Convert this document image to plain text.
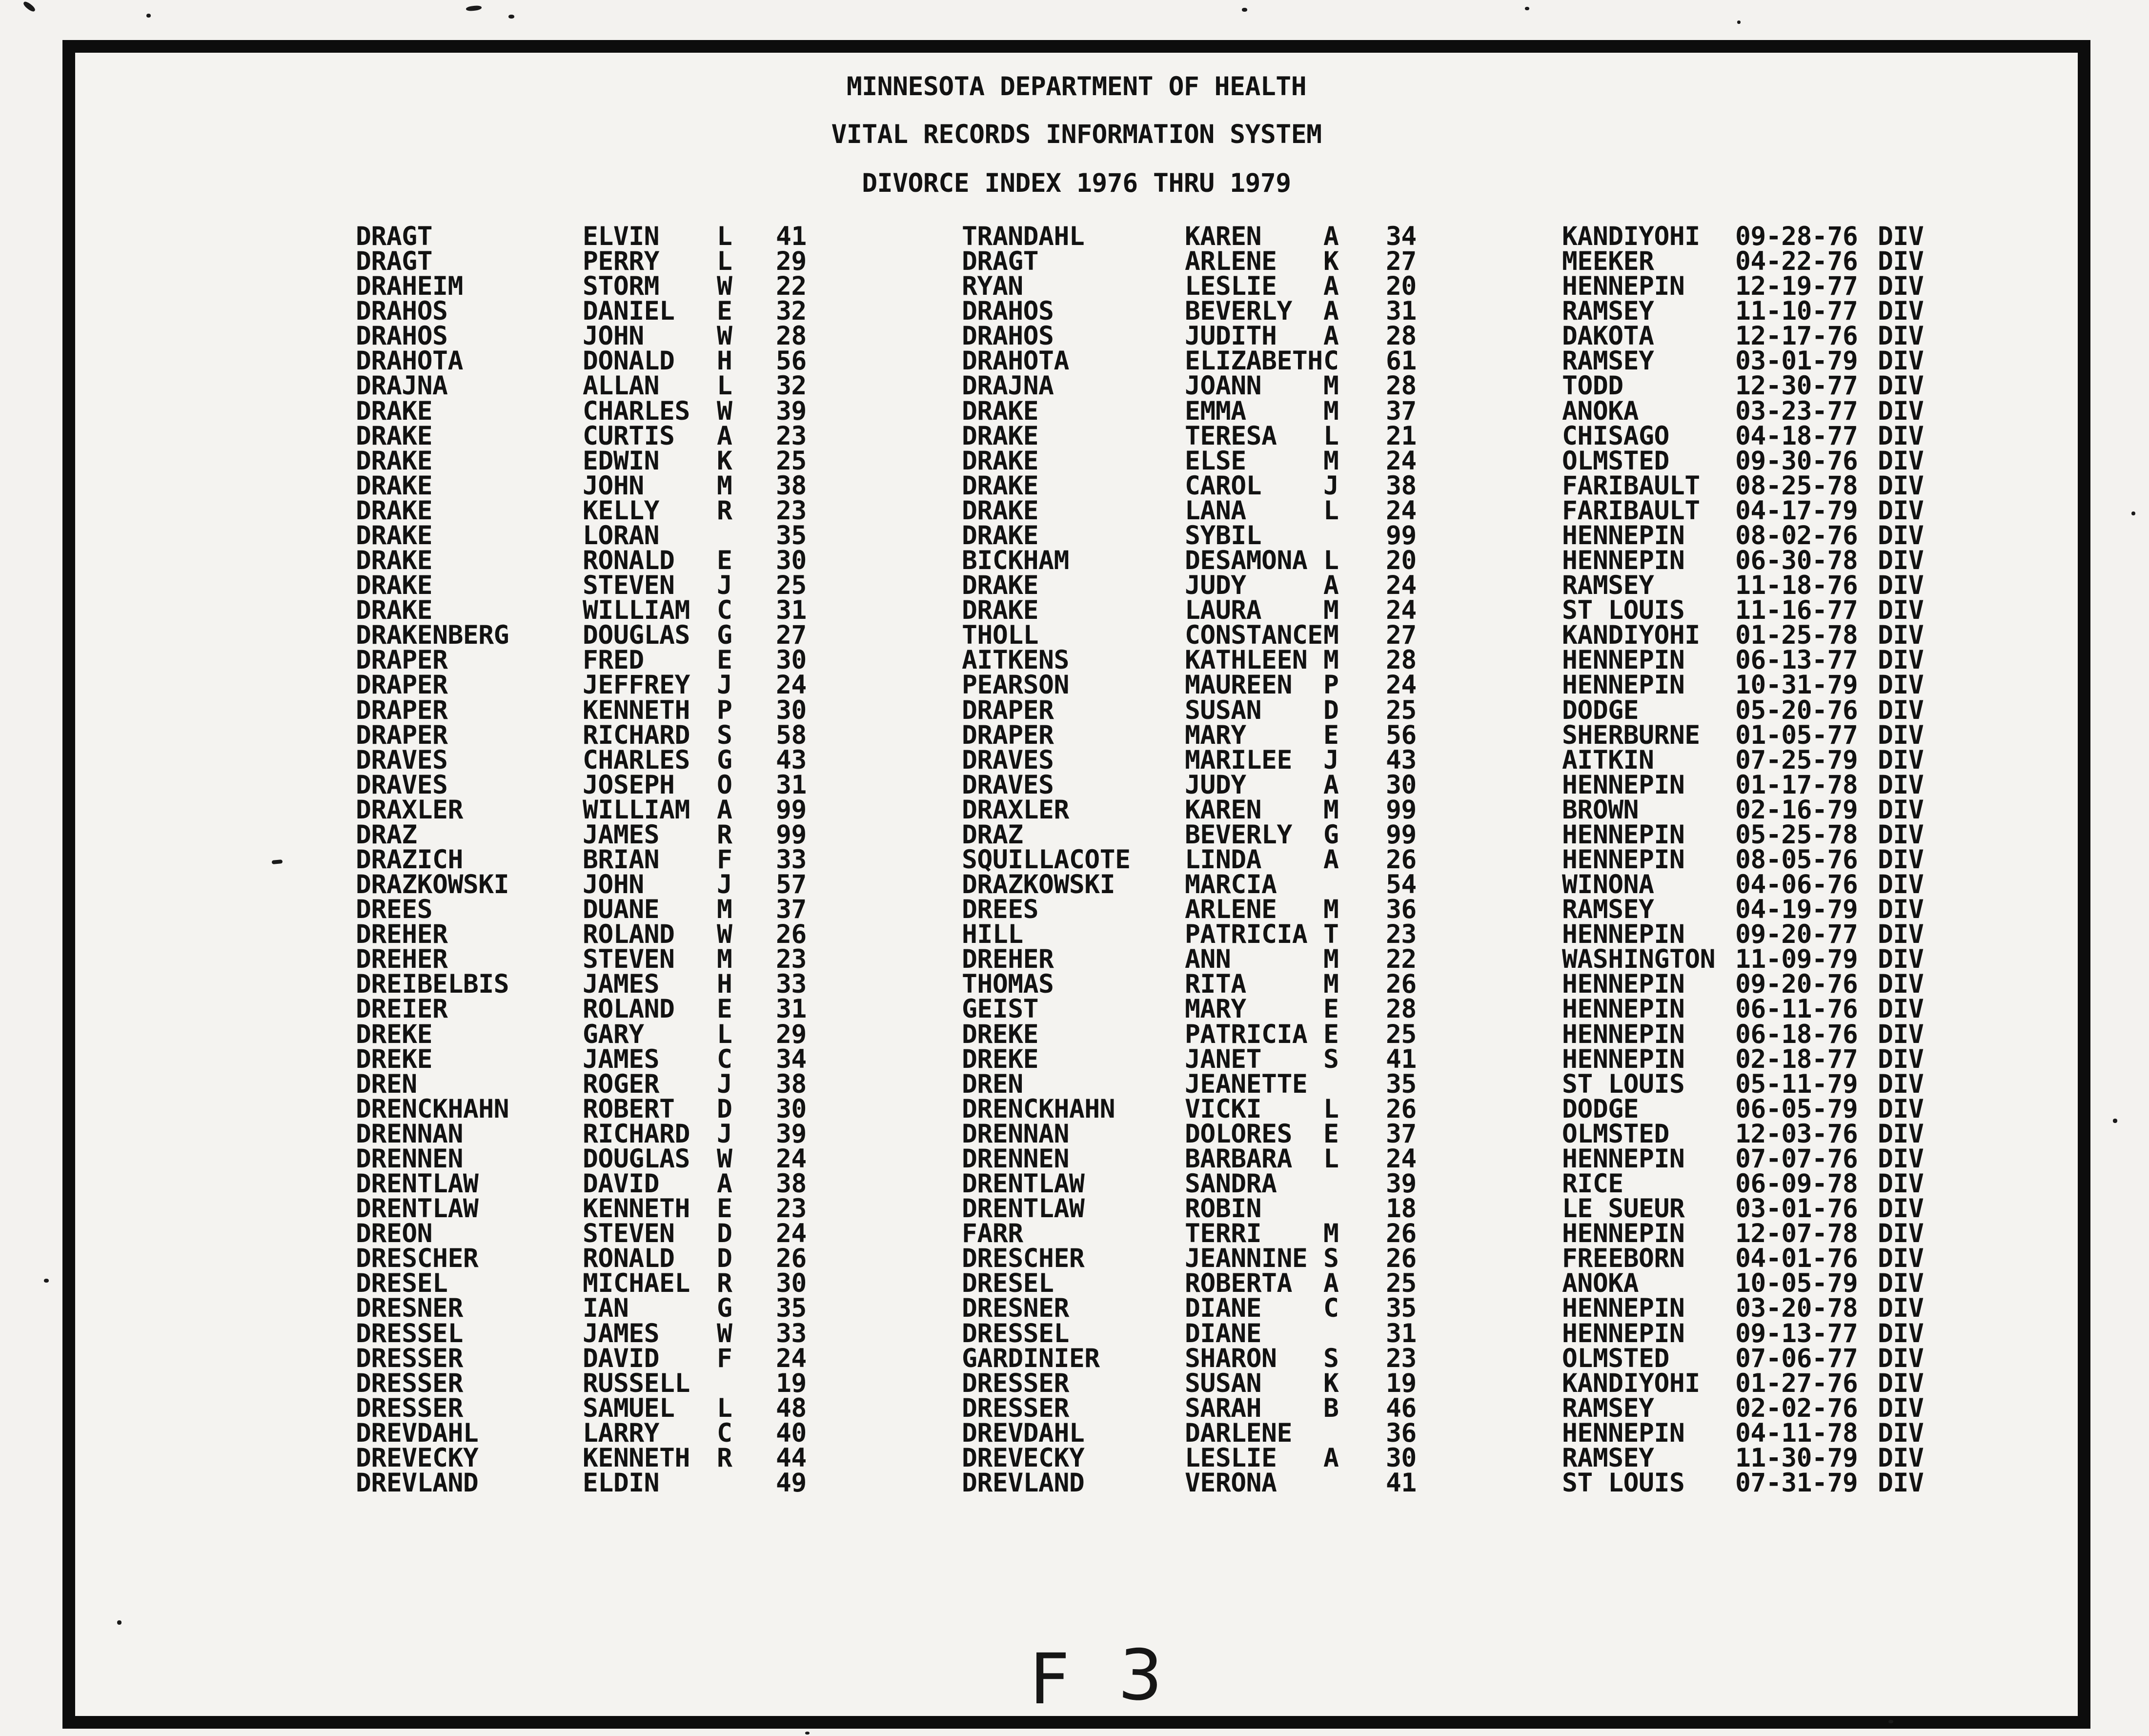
MINNESOTA DEPARTMENT OF HEALTH
VITAL RECORDS INFORMATION SYSTEM
DIVORCE INDEX 1976 THRU 1979
DRAGT	ELVIN L 41	TRANDAHL	KAREN A 34	KANDIYOHI 09-28-76 DIV
DRAGT	PERRY L 29	DRAGT	ARLENE K 27	MEEKER	04-22-76 DIV
DRAHEIM	STORM W 22	RYAN	LESLIE A 20	HENNEPIN 12-19-77 DIV
DRAHOS	DANIEL E 32	DRAHOS	BEVERLY A 31	RAMSEY	11-10-77 DIV
DRAHOS	JOHN	W 28	DRAHOS	JUDITH A 28	DAKOTA	12-17-76 DIV
DRAHOTA	DONALD H 56	DRAHOTA	ELIZABETH C 61	RAMSEY	03-01-79 DIV
DRAJNA	ALLAN L 32	DRAJNA	JOANN M 28	TODD	12-30-77 DIV
DRAKE	CHARLES W 39	DRAKE	EMMA	M 37	ANOKA	03-23-77 DIV
DRAKE	CURTIS A 23	DRAKE	TERESA L 21	CHISAGO	04-18-77 DIV
DRAKE	EDWIN K 25	DRAKE	ELSE	M 24	OLMSTED	09-30-76 DIV
DRAKE	JOHN	M 38	DRAKE	CAROL J 38	FARIBAULT 08-25-78 DIV
DRAKE	KELLY R 23	DRAKE	LANA	L 24	FARIBAULT 04-17-79 DIV
DRAKE	LORAN	35	DRAKE	SYBIL	99	HENNEPIN 08-02-76 DIV
DRAKE	RONALD E 30	BICKHAM	DESAMONA L 20	HENNEPIN 06-30-78 DIV
DRAKE	STEVEN J 25	DRAKE	JUDY	A 24	RAMSEY	11-18-76 DIV
DRAKE	WILLIAM C 31	DRAKE	LAURA M 24	ST LOUIS 11-16-77 DIV
DRAKENBERG	DOUGLAS G 27	THOLL	CONSTANCE M 27	KANDIYOHI 01-25-78 DIV
DRAPER	FRED	E 30	AITKENS	KATHLEEN M 28	HENNEPIN 06-13-77 DIV
DRAPER	JEFFREY J 24	PEARSON	MAUREEN P 24	HENNEPIN 10-31-79 DIV
DRAPER	KENNETH P 30	DRAPER	SUSAN D 25	DODGE	05-20-76 DIV
DRAPER	RICHARD S 58	DRAPER	MARY	E 56	SHERBURNE 01-05-77 DIV
DRAVES	CHARLES G 43	DRAVES	MARILEE J 43	AITKIN	07-25-79 DIV
DRAVES	JOSEPH O 31	DRAVES	JUDY	A 30	HENNEPIN 01-17-78 DIV
DRAXLER	WILLIAM A 99	DRAXLER	KAREN M 99	BROWN	02-16-79 DIV
DRAZ	JAMES R 99	DRAZ	BEVERLY G 99	HENNEPIN 05-25-78 DIV
DRAZICH	BRIAN F 33	SQUILLACOTE LINDA A 26	HENNEPIN 08-05-76 DIV
DRAZKOWSKI	JOHN	J 57	DRAZKOWSKI	MARCIA	54	WINONA	04-06-76 DIV
DREES	DUANE M 37	DREES	ARLENE M 36	RAMSEY	04-19-79 DIV
DREHER	ROLAND W 26	HILL	PATRICIA T 23	HENNEPIN 09-20-77 DIV
DREHER	STEVEN M 23	DREHER	ANN	M 22	WASHINGTON 11-09-79 DIV
DREIBELBIS	JAMES H 33	THOMAS	RITA	M 26	HENNEPIN 09-20-76 DIV
DREIER	ROLAND E 31	GEIST	MARY	E 28	HENNEPIN 06-11-76 DIV
DREKE	GARY	L 29	DREKE	PATRICIA E 25	HENNEPIN 06-18-76 DIV
DREKE	JAMES C 34	DREKE	JANET S 41	HENNEPIN 02-18-77 DIV
DREN	ROGER J 38	DREN	JEANETTE	35	ST LOUIS 05-11-79 DIV
DRENCKHAHN	ROBERT D 30	DRENCKHAHN	VICKI L 26	DODGE	06-05-79 DIV
DRENNAN	RICHARD J 39	DRENNAN	DOLORES E 37	OLMSTED	12-03-76 DIV
DRENNEN	DOUGLAS W 24	DRENNEN	BARBARA L 24	HENNEPIN 07-07-76 DIV
DRENTLAW	DAVID A 38	DRENTLAW	SANDRA	39	RICE	06-09-78 DIV
DRENTLAW	KENNETH E 23	DRENTLAW	ROBIN	18	LE SUEUR 03-01-76 DIV
DREON	STEVEN D 24	FARR	TERRI M 26	HENNEPIN 12-07-78 DIV
DRESCHER	RONALD D 26	DRESCHER	JEANNINE S 26	FREEBORN 04-01-76 DIV
DRESEL	MICHAEL R 30	DRESEL	ROBERTA A 25	ANOKA	10-05-79 DIV
DRESNER	IAN	G 35	DRESNER	DIANE C 35	HENNEPIN 03-20-78 DIV
DRESSEL	JAMES W 33	DRESSEL	DIANE	31	HENNEPIN 09-13-77 DIV
DRESSER	DAVID F 24	GARDINIER	SHARON S 23	OLMSTED	07-06-77 DIV
DRESSER	RUSSELL	19	DRESSER	SUSAN K 19	KANDIYOHI 01-27-76 DIV
DRESSER	SAMUEL L 48	DRESSER	SARAH B 46	RAMSEY	02-02-76 DIV
DREVDAHL	LARRY C 40	DREVDAHL	DARLENE	36	HENNEPIN 04-11-78 DIV
DREVECKY	KENNETH R 44	DREVECKY	LESLIE A 30	RAMSEY	11-30-79 DIV
DREVLAND	ELDIN	49	DREVLAND	VERONA	41	ST LOUIS 07-31-79 DIV
F 3
